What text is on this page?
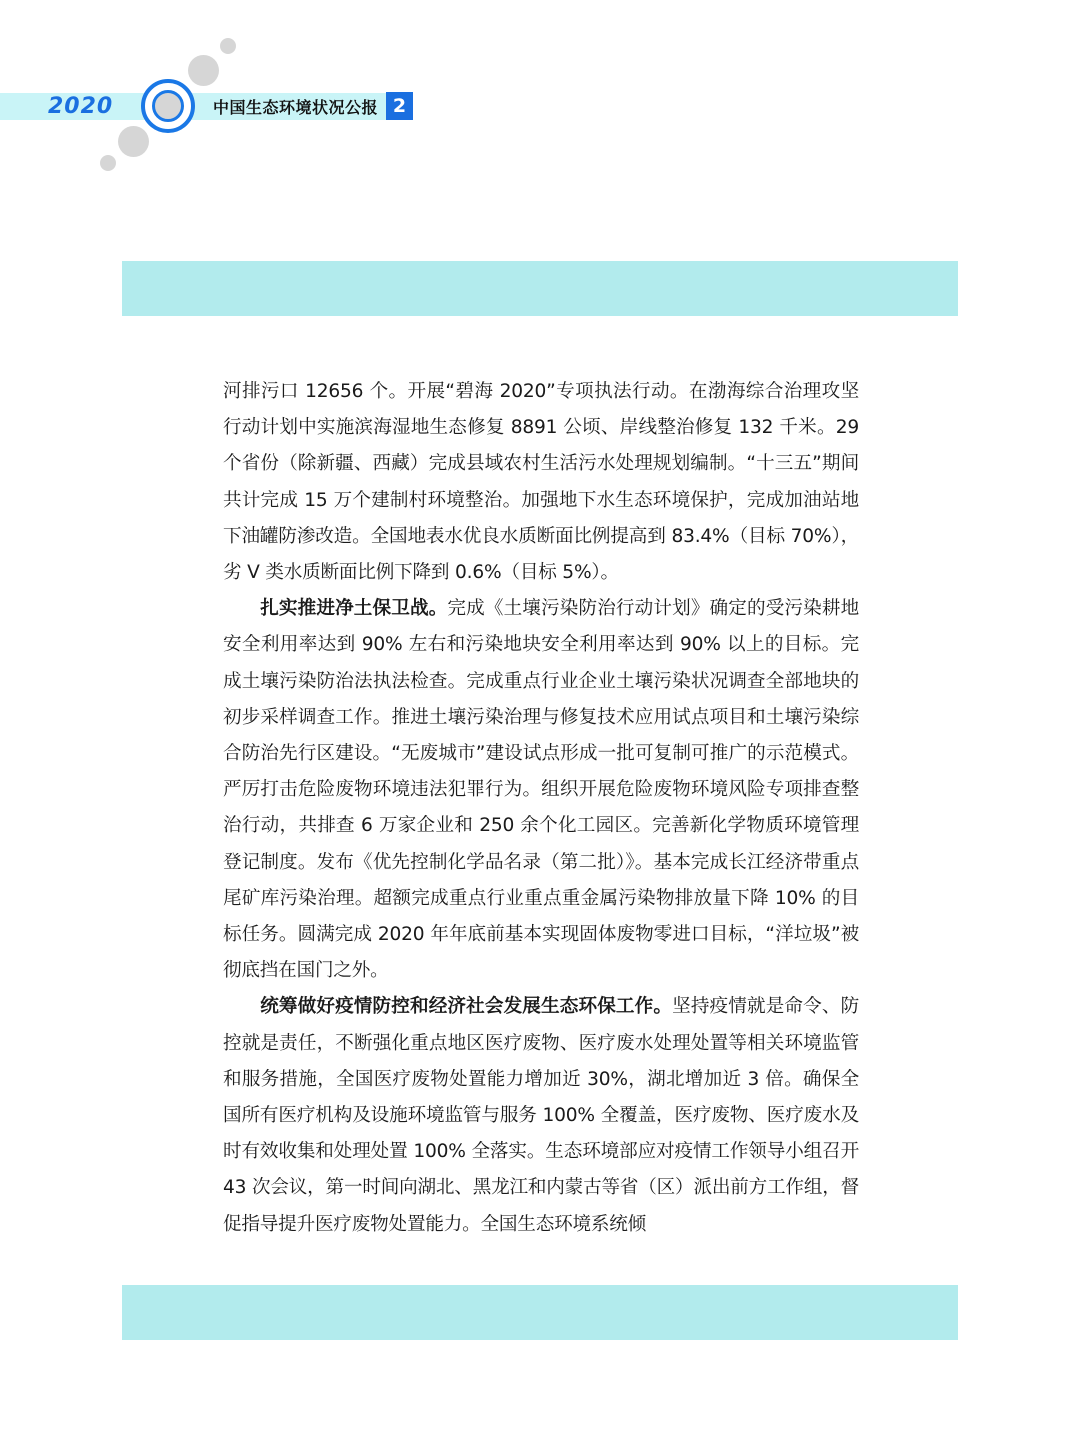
2020	中国生态环境状况公报 2

河排污口 12656 个。开展“碧海 2020”专项执法行动。在渤海综合治理攻坚行动计划中实施滨海湿地生态修复 8891 公顷、岸线整治修复 132 千米。29 个省份（除新疆、西藏）完成县域农村生活污水处理规划编制。“十三五”期间共计完成 15 万个建制村环境整治。加强地下水生态环境保护，完成加油站地下油罐防渗改造。全国地表水优良水质断面比例提高到 83.4%（目标 70%），劣 V 类水质断面比例下降到 0.6%（目标 5%）。

扎实推进净土保卫战。完成《土壤污染防治行动计划》确定的受污染耕地安全利用率达到 90% 左右和污染地块安全利用率达到 90% 以上的目标。完成土壤污染防治法执法检查。完成重点行业企业土壤污染状况调查全部地块的初步采样调查工作。推进土壤污染治理与修复技术应用试点项目和土壤污染综合防治先行区建设。“无废城市”建设试点形成一批可复制可推广的示范模式。严厉打击危险废物环境违法犯罪行为。组织开展危险废物环境风险专项排查整治行动，共排查 6 万家企业和 250 余个化工园区。完善新化学物质环境管理登记制度。发布《优先控制化学品名录（第二批）》。基本完成长江经济带重点尾矿库污染治理。超额完成重点行业重点重金属污染物排放量下降 10% 的目标任务。圆满完成 2020 年年底前基本实现固体废物零进口目标，“洋垃圾”被彻底挡在国门之外。

统筹做好疫情防控和经济社会发展生态环保工作。坚持疫情就是命令、防控就是责任，不断强化重点地区医疗废物、医疗废水处理处置等相关环境监管和服务措施，全国医疗废物处置能力增加近 30%，湖北增加近 3 倍。确保全国所有医疗机构及设施环境监管与服务 100% 全覆盖，医疗废物、医疗废水及时有效收集和处理处置 100% 全落实。生态环境部应对疫情工作领导小组召开 43 次会议，第一时间向湖北、黑龙江和内蒙古等省（区）派出前方工作组，督促指导提升医疗废物处置能力。全国生态环境系统倾
